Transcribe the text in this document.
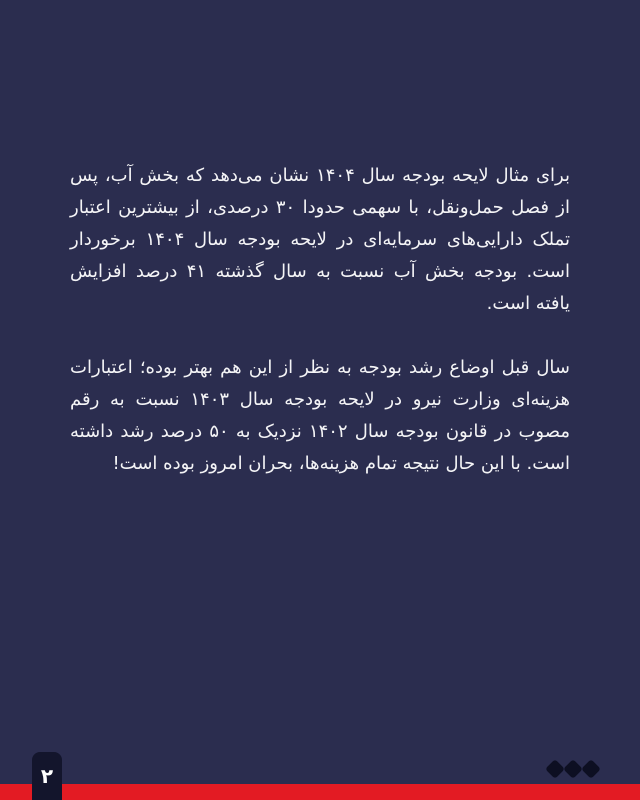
برای مثال لایحه بودجه سال ۱۴۰۴ نشان می‌دهد که بخش آب، پس از فصل حمل‌ونقل، با سهمی حدودا ۳۰ درصدی، از بیشترین اعتبار تملک دارایی‌های سرمایه‌ای در لایحه بودجه سال ۱۴۰۴ برخوردار است. بودجه بخش آب نسبت به سال گذشته ۴۱ درصد افزایش یافته است.

سال قبل اوضاع رشد بودجه به نظر از این هم بهتر بوده؛ اعتبارات هزینه‌ای وزارت نیرو در لایحه بودجه سال ۱۴۰۳ نسبت به رقم مصوب در قانون بودجه سال ۱۴۰۲ نزدیک به ۵۰ درصد رشد داشته است. با این حال نتیجه تمام هزینه‌ها، بحران امروز بوده است!

۲
